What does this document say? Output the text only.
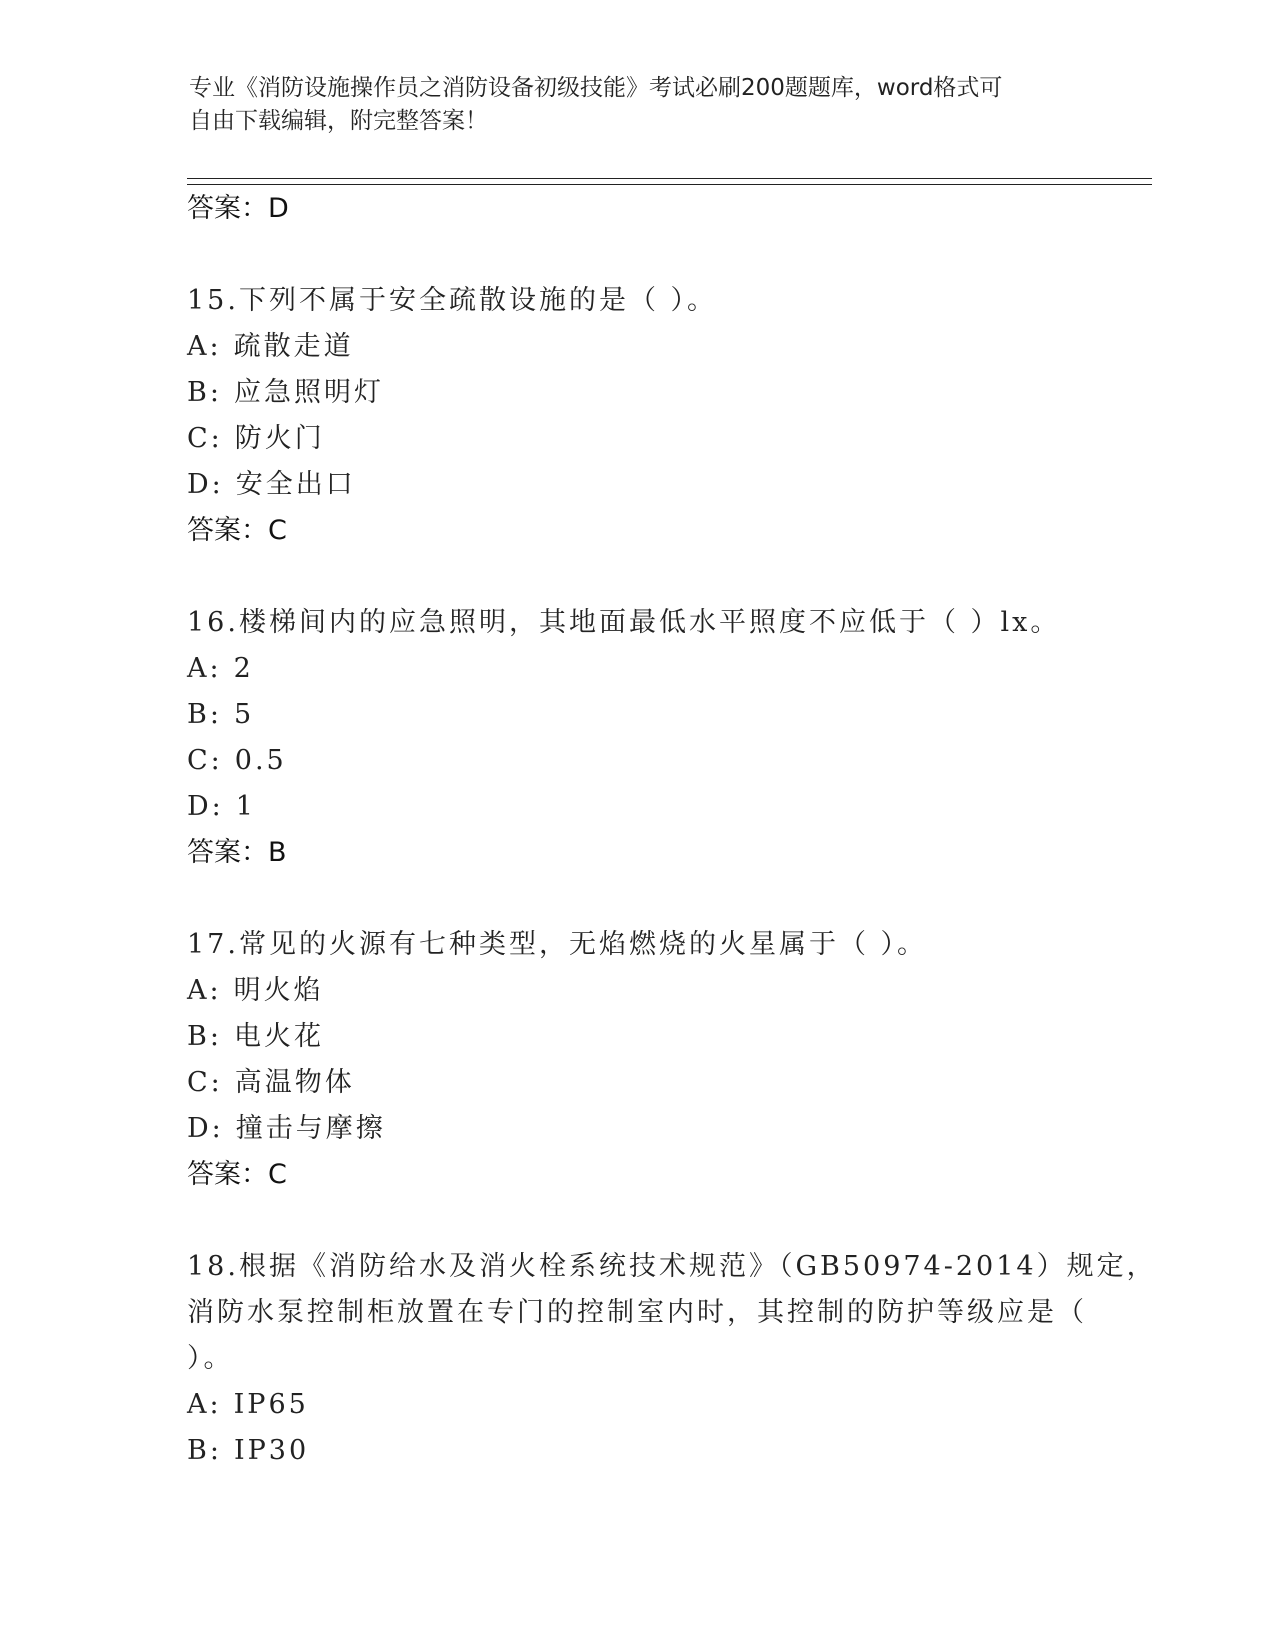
专业《消防设施操作员之消防设备初级技能》考试必刷200题题库，word格式可
自由下载编辑，附完整答案！
答案：D
15.下列不属于安全疏散设施的是（ ）。
A: 疏散走道
B: 应急照明灯
C: 防火门
D: 安全出口
答案：C
16.楼梯间内的应急照明，其地面最低水平照度不应低于（ ）lx。
A: 2
B: 5
C: 0.5
D: 1
答案：B
17.常见的火源有七种类型，无焰燃烧的火星属于（ ）。
A: 明火焰
B: 电火花
C: 高温物体
D: 撞击与摩擦
答案：C
18.根据《消防给水及消火栓系统技术规范》（GB50974-2014）规定，
消防水泵控制柜放置在专门的控制室内时，其控制的防护等级应是（
）。
A: IP65
B: IP30
